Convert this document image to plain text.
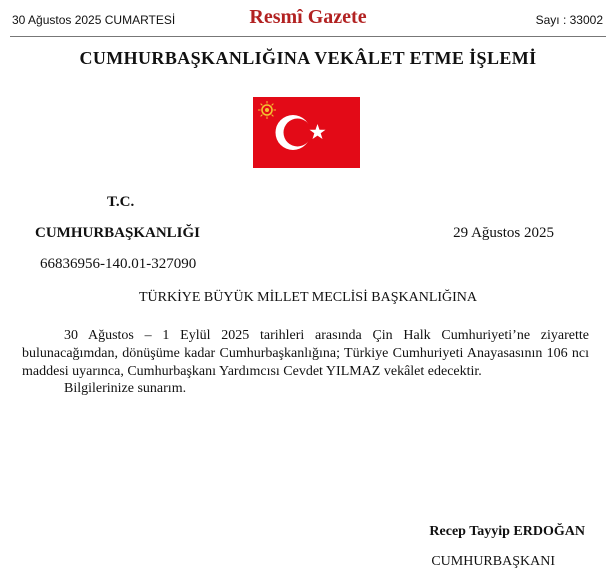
30 Ağustos 2025 CUMARTESİ	Resmî Gazete	Sayı : 33002
CUMHURBAŞKANLIĞINA VEKÂLET ETME İŞLEMİ
T.C.
CUMHURBAŞKANLIĞI	29 Ağustos 2025
66836956-140.01-327090
TÜRKİYE BÜYÜK MİLLET MECLİSİ BAŞKANLIĞINA

30 Ağustos – 1 Eylül 2025 tarihleri arasında Çin Halk Cumhuriyeti’ne ziyarette bulunacağımdan, dönüşüme kadar Cumhurbaşkanlığına; Türkiye Cumhuriyeti Anayasasının 106 ncı maddesi uyarınca, Cumhurbaşkanı Yardımcısı Cevdet YILMAZ vekâlet edecektir.

Bilgilerinize sunarım.
Recep Tayyip ERDOĞAN
CUMHURBAŞKANI
